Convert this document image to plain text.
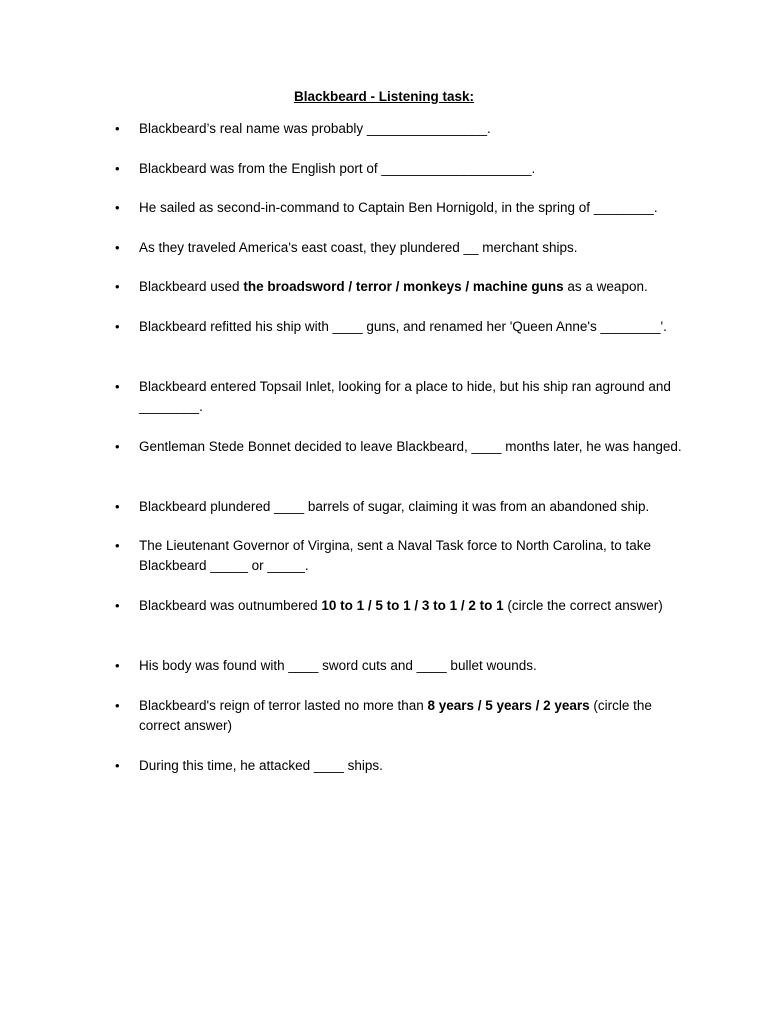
Blackbeard - Listening task:
• Blackbeard’s real name was probably ________________.
• Blackbeard was from the English port of ____________________.
• He sailed as second-in-command to Captain Ben Hornigold, in the spring of ________.
• As they traveled America's east coast, they plundered __ merchant ships.
• Blackbeard used the broadsword / terror / monkeys / machine guns as a weapon.
• Blackbeard refitted his ship with ____ guns, and renamed her 'Queen Anne's ________'.
• Blackbeard entered Topsail Inlet, looking for a place to hide, but his ship ran aground and ________.
• Gentleman Stede Bonnet decided to leave Blackbeard, ____ months later, he was hanged.
• Blackbeard plundered ____ barrels of sugar, claiming it was from an abandoned ship.
• The Lieutenant Governor of Virgina, sent a Naval Task force to North Carolina, to take Blackbeard _____ or _____.
• Blackbeard was outnumbered 10 to 1 / 5 to 1 / 3 to 1 / 2 to 1 (circle the correct answer)
• His body was found with ____ sword cuts and ____ bullet wounds.
• Blackbeard's reign of terror lasted no more than 8 years / 5 years / 2 years (circle the correct answer)
• During this time, he attacked ____ ships.
